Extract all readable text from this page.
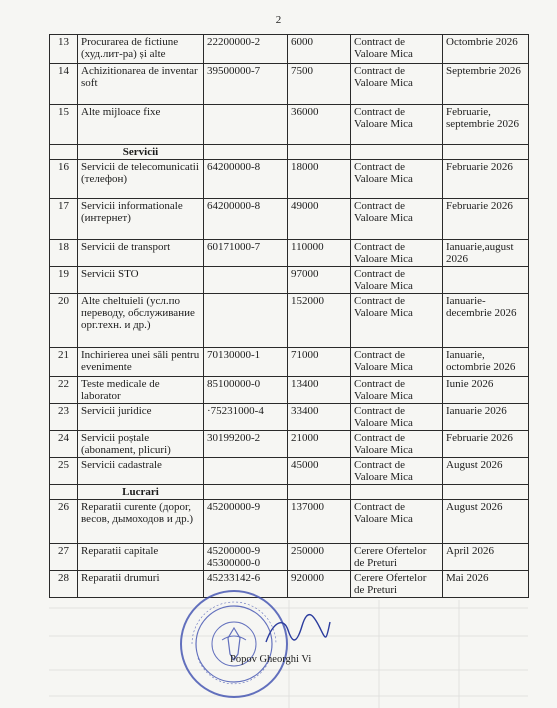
2
13	Procurarea de fictiune (худ.лит-ра) și alte	22200000-2	6000	Contract de Valoare Mica	Octombrie 2026
14	Achizitionarea de inventar soft	39500000-7	7500	Contract de Valoare Mica	Septembrie 2026
15	Alte mijloace fixe		36000	Contract de Valoare Mica	Februarie, septembrie 2026
	Servicii				
16	Servicii de telecomunicatii (телефон)	64200000-8	18000	Contract de Valoare Mica	Februarie 2026
17	Servicii informationale (интернет)	64200000-8	49000	Contract de Valoare Mica	Februarie 2026
18	Servicii de transport	60171000-7	110000	Contract de Valoare Mica	Ianuarie,august 2026
19	Servicii STO		97000	Contract de Valoare Mica	
20	Alte cheltuieli (усл.по переводу, обслуживание орг.техн. и др.)		152000	Contract de Valoare Mica	Ianuarie-decembrie 2026
21	Inchirierea unei săli pentru evenimente	70130000-1	71000	Contract de Valoare Mica	Ianuarie, octombrie 2026
22	Teste medicale de laborator	85100000-0	13400	Contract de Valoare Mica	Iunie 2026
23	Servicii juridice	·75231000-4	33400	Contract de Valoare Mica	Ianuarie 2026
24	Servicii poștale (abonament, plicuri)	30199200-2	21000	Contract de Valoare Mica	Februarie 2026
25	Servicii cadastrale		45000	Contract de Valoare Mica	August 2026
	Lucrari				
26	Reparatii curente (дорог, весов, дымоходов и др.)	45200000-9	137000	Contract de Valoare Mica	August 2026
27	Reparatii capitale	45200000-9 45300000-0	250000	Cerere Ofertelor de Preturi	April 2026
28	Reparatii drumuri	45233142-6	920000	Cerere Ofertelor de Preturi	Mai 2026
Popov Gheorghi Vi
